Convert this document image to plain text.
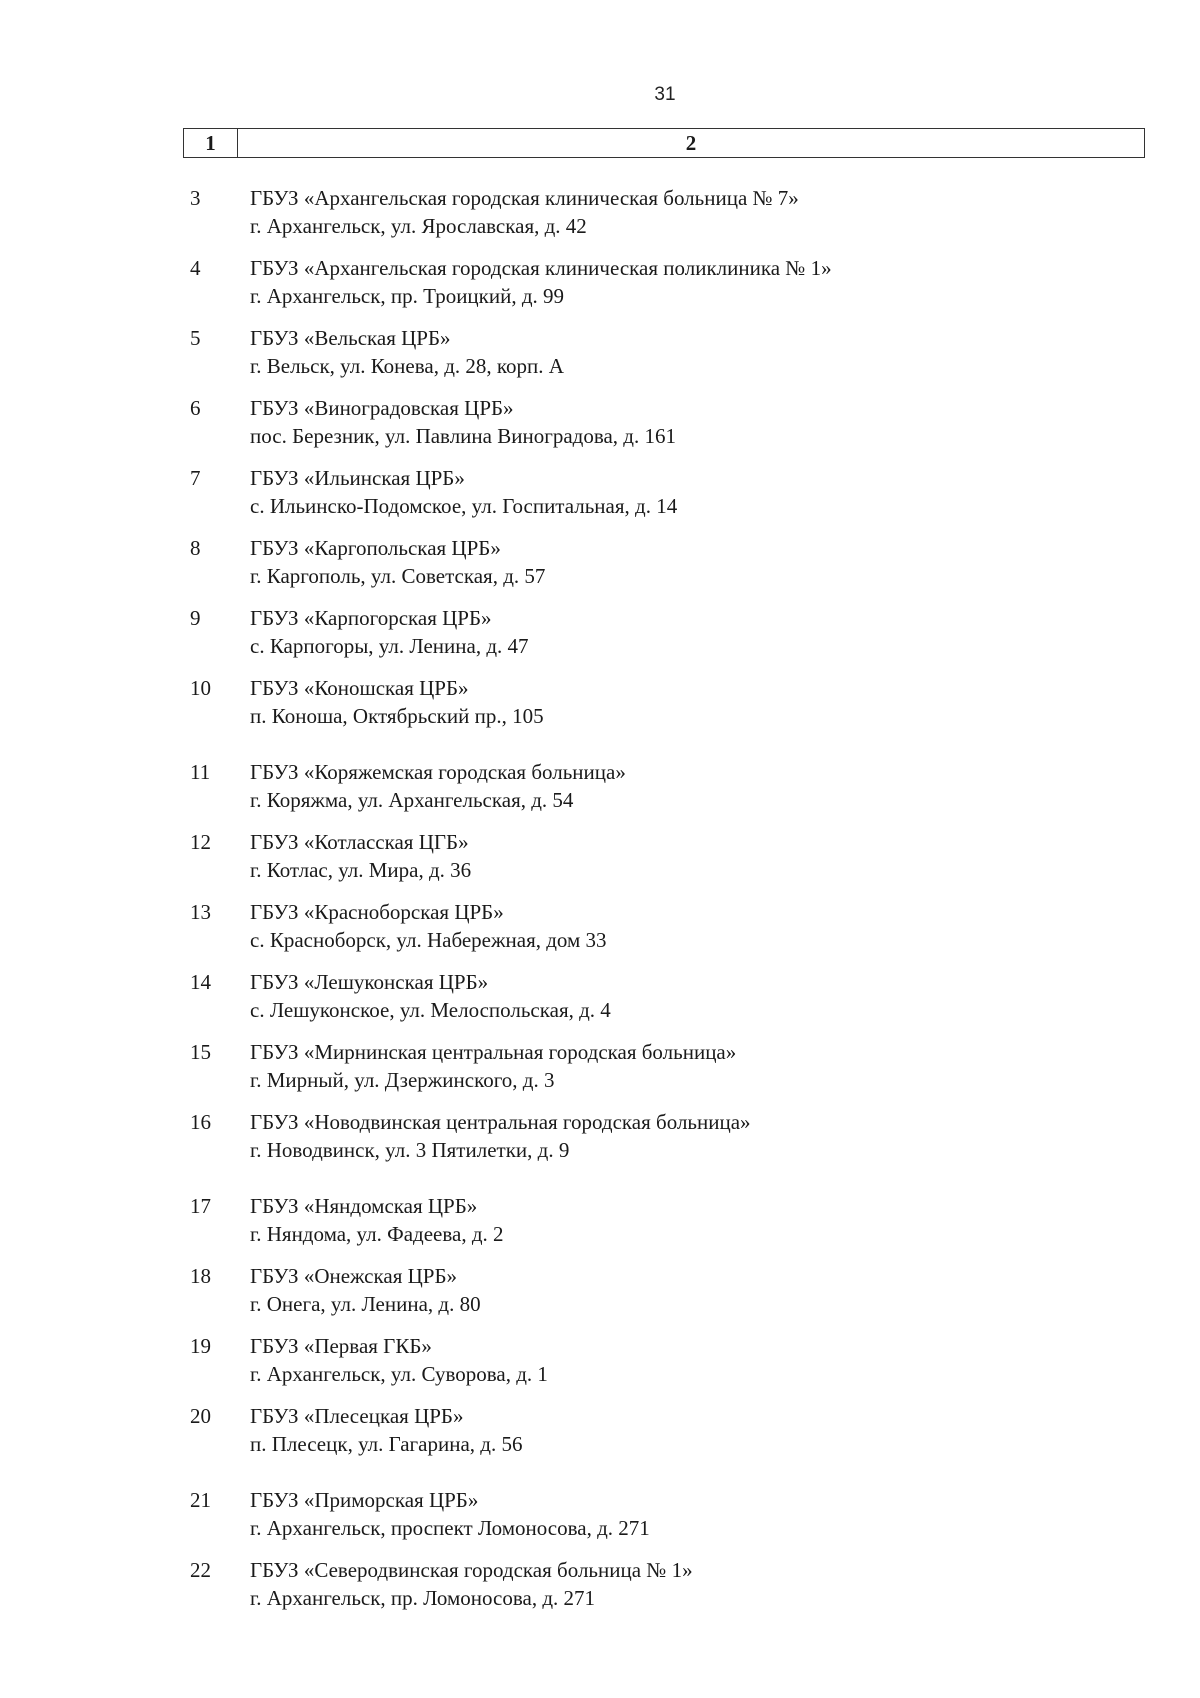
31
1	2
3	ГБУЗ «Архангельская городская клиническая больница № 7»
г. Архангельск, ул. Ярославская, д. 42
4	ГБУЗ «Архангельская городская клиническая поликлиника № 1»
г. Архангельск, пр. Троицкий, д. 99
5	ГБУЗ «Вельская ЦРБ»
г. Вельск, ул. Конева, д. 28, корп. А
6	ГБУЗ «Виноградовская ЦРБ»
пос. Березник, ул. Павлина Виноградова, д. 161
7	ГБУЗ «Ильинская ЦРБ»
с. Ильинско-Подомское, ул. Госпитальная, д. 14
8	ГБУЗ «Каргопольская ЦРБ»
г. Каргополь, ул. Советская, д. 57
9	ГБУЗ «Карпогорская ЦРБ»
с. Карпогоры, ул. Ленина, д. 47
10	ГБУЗ «Коношская ЦРБ»
п. Коноша, Октябрьский пр., 105
11	ГБУЗ «Коряжемская городская больница»
г. Коряжма, ул. Архангельская, д. 54
12	ГБУЗ «Котласская ЦГБ»
г. Котлас, ул. Мира, д. 36
13	ГБУЗ «Красноборская ЦРБ»
с. Красноборск, ул. Набережная, дом 33
14	ГБУЗ «Лешуконская ЦРБ»
с. Лешуконское, ул. Мелоспольская, д. 4
15	ГБУЗ «Мирнинская центральная городская больница»
г. Мирный, ул. Дзержинского, д. 3
16	ГБУЗ «Новодвинская центральная городская больница»
г. Новодвинск, ул. 3 Пятилетки, д. 9
17	ГБУЗ «Няндомская ЦРБ»
г. Няндома, ул. Фадеева, д. 2
18	ГБУЗ «Онежская ЦРБ»
г. Онега, ул. Ленина, д. 80
19	ГБУЗ «Первая ГКБ»
г. Архангельск, ул. Суворова, д. 1
20	ГБУЗ «Плесецкая ЦРБ»
п. Плесецк, ул. Гагарина, д. 56
21	ГБУЗ «Приморская ЦРБ»
г. Архангельск, проспект Ломоносова, д. 271
22	ГБУЗ «Северодвинская городская больница № 1»
г. Архангельск, пр. Ломоносова, д. 271
